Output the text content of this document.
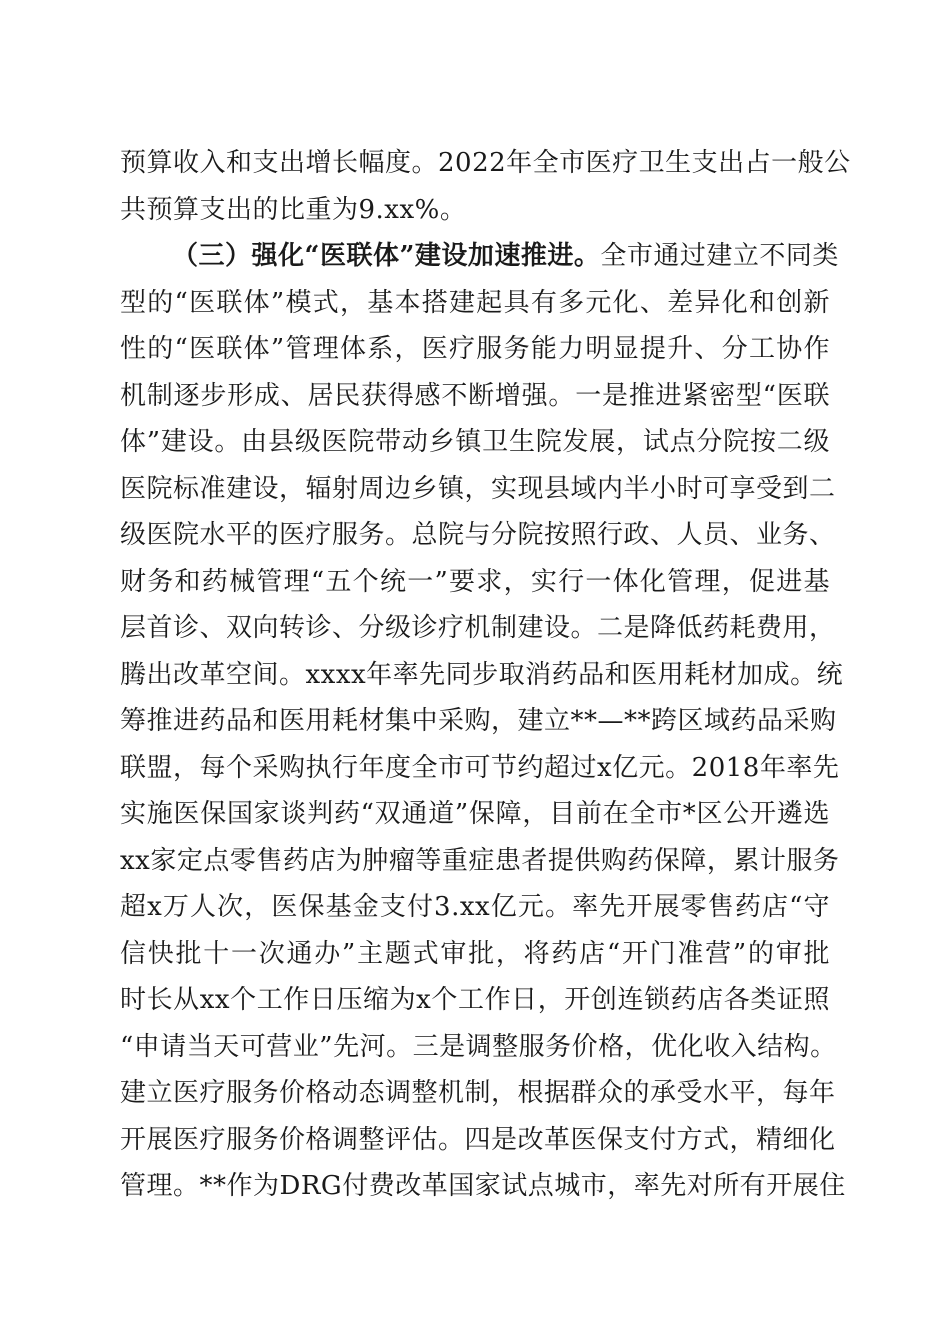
预算收入和支出增长幅度。2022年全市医疗卫生支出占一般公
共预算支出的比重为9.xx%。
（三）强化“医联体”建设加速推进。全市通过建立不同类
型的“医联体”模式，基本搭建起具有多元化、差异化和创新
性的“医联体”管理体系，医疗服务能力明显提升、分工协作
机制逐步形成、居民获得感不断增强。一是推进紧密型“医联
体”建设。由县级医院带动乡镇卫生院发展，试点分院按二级
医院标准建设，辐射周边乡镇，实现县域内半小时可享受到二
级医院水平的医疗服务。总院与分院按照行政、人员、业务、
财务和药械管理“五个统一”要求，实行一体化管理，促进基
层首诊、双向转诊、分级诊疗机制建设。二是降低药耗费用，
腾出改革空间。xxxx年率先同步取消药品和医用耗材加成。统
筹推进药品和医用耗材集中采购，建立**—**跨区域药品采购
联盟，每个采购执行年度全市可节约超过x亿元。2018年率先
实施医保国家谈判药“双通道”保障，目前在全市*区公开遴选
xx家定点零售药店为肿瘤等重症患者提供购药保障，累计服务
超x万人次，医保基金支付3.xx亿元。率先开展零售药店“守
信快批十一次通办”主题式审批，将药店“开门准营”的审批
时长从xx个工作日压缩为x个工作日，开创连锁药店各类证照
“申请当天可营业”先河。三是调整服务价格，优化收入结构。
建立医疗服务价格动态调整机制，根据群众的承受水平，每年
开展医疗服务价格调整评估。四是改革医保支付方式，精细化
管理。**作为DRG付费改革国家试点城市，率先对所有开展住
